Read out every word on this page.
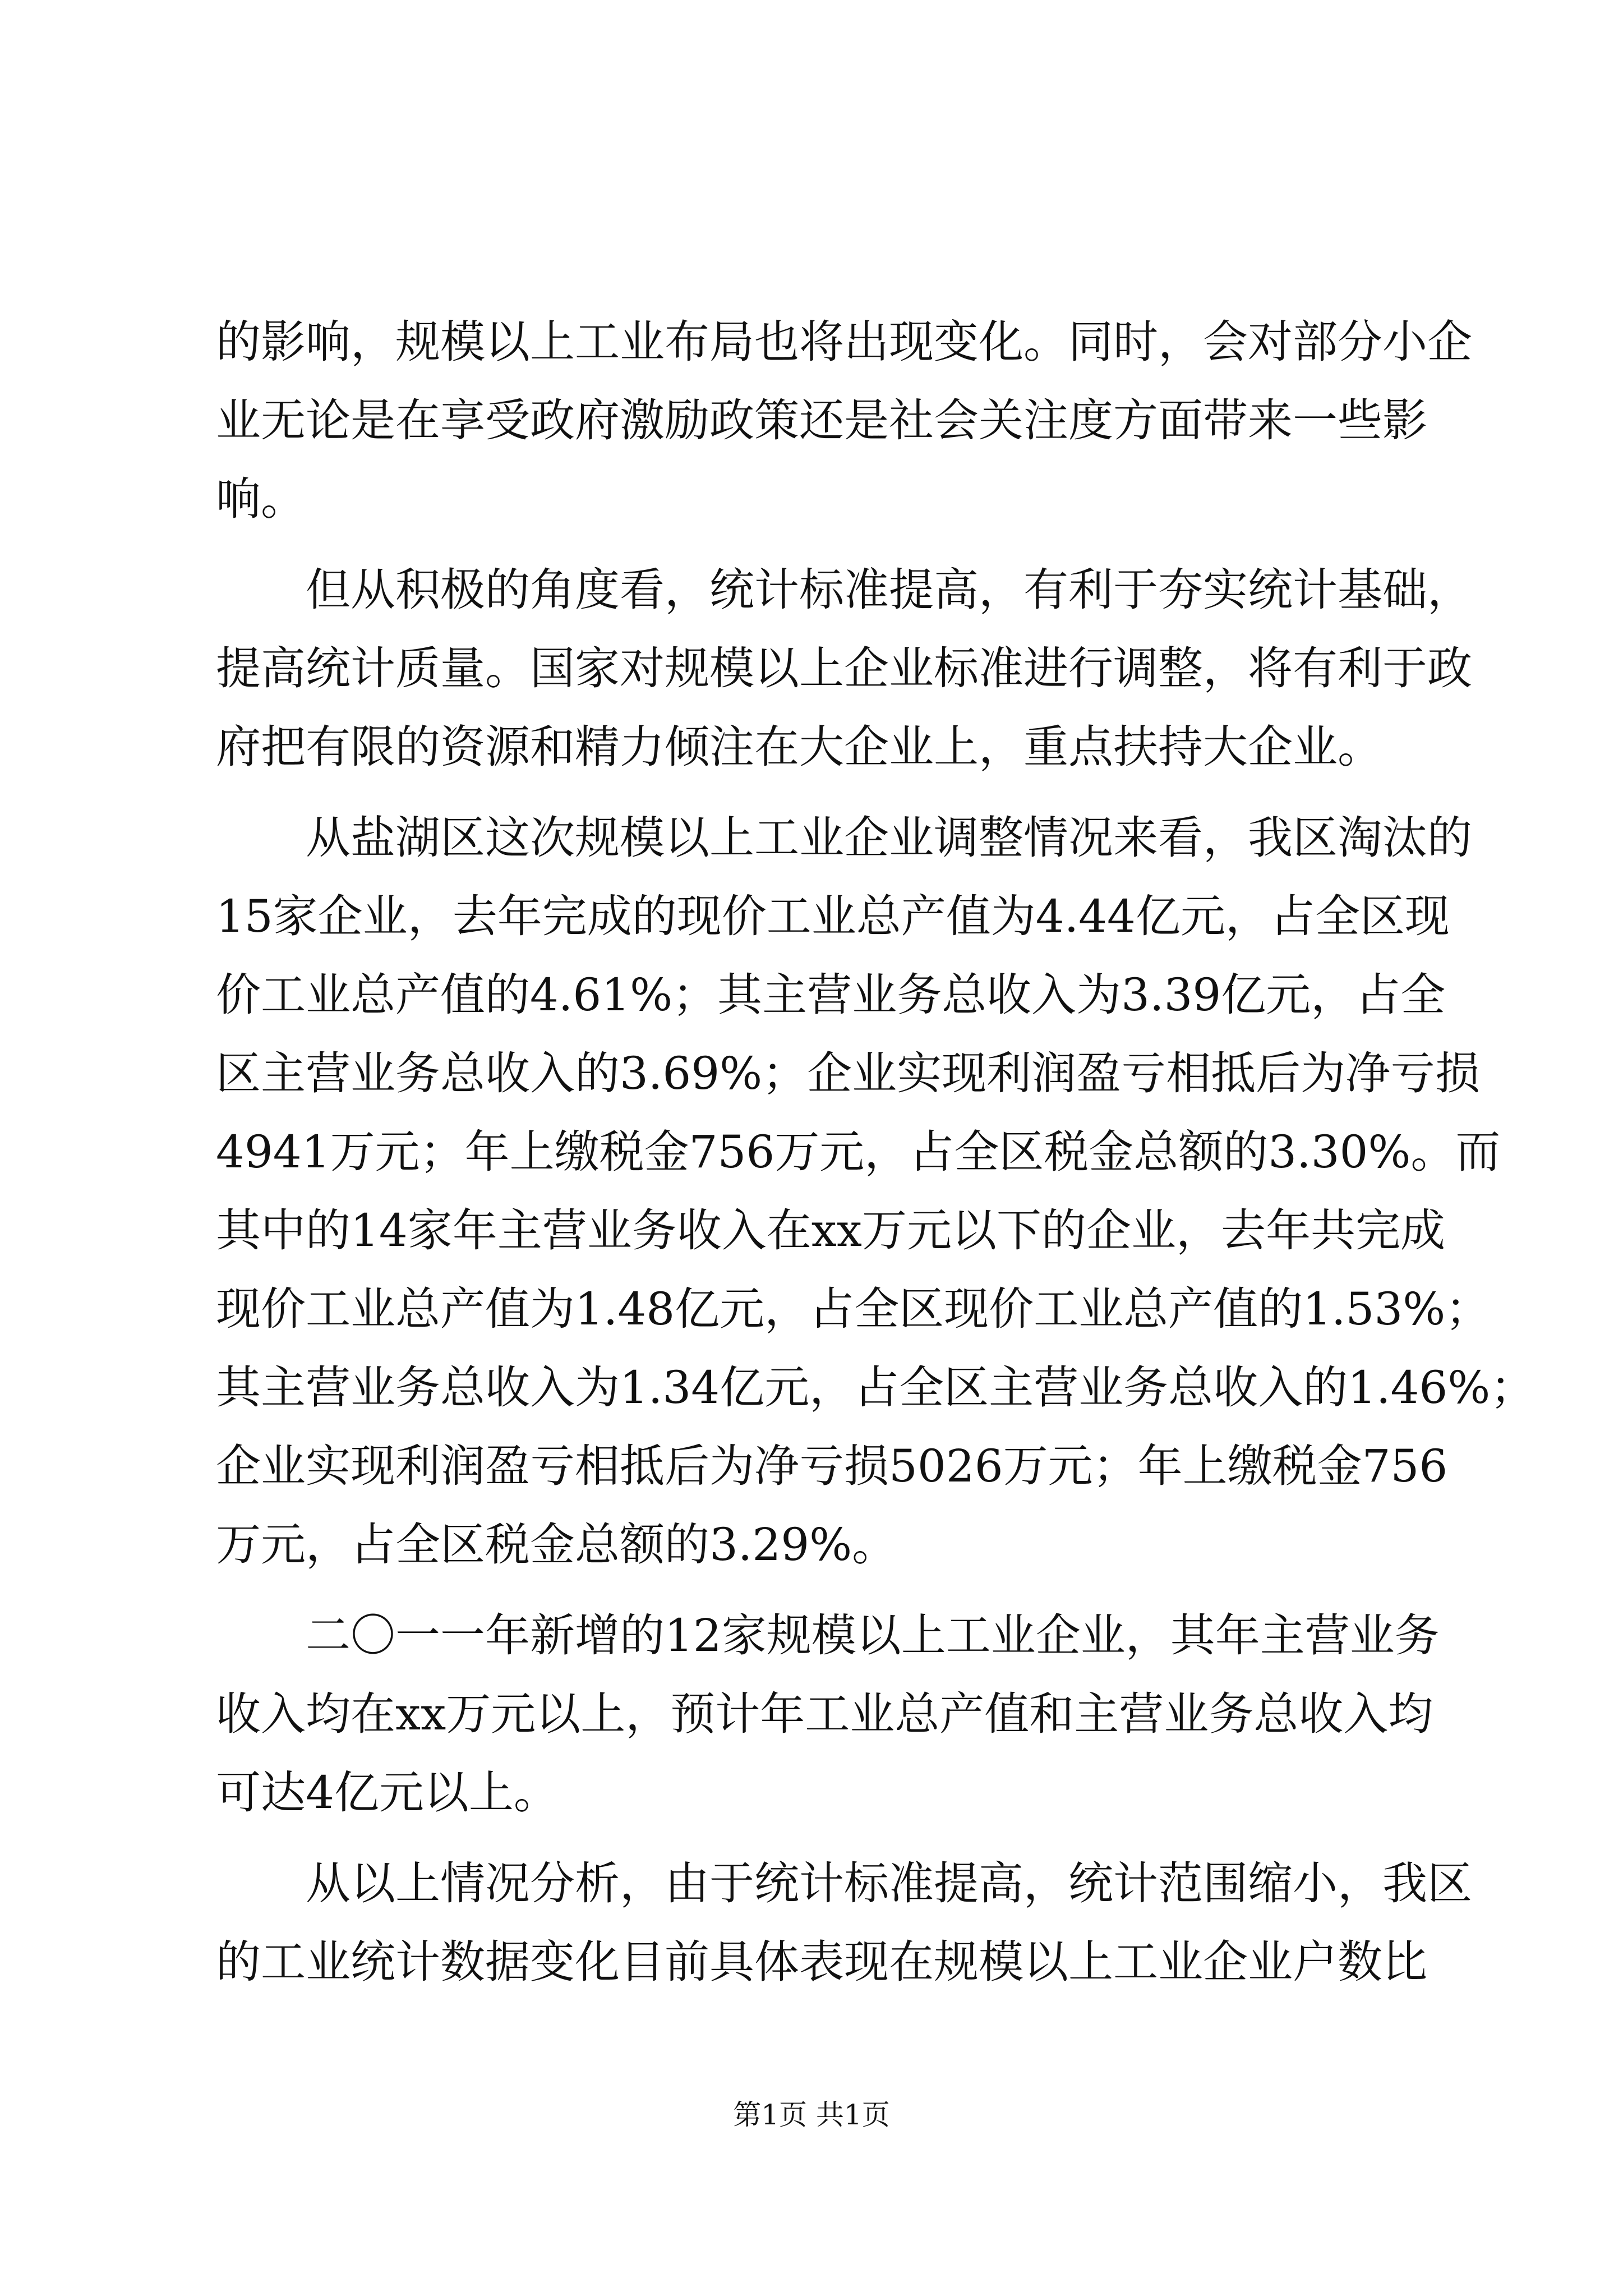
的影响，规模以上工业布局也将出现变化。同时，会对部分小企
业无论是在享受政府激励政策还是社会关注度方面带来一些影
响。
但从积极的角度看，统计标准提高，有利于夯实统计基础，
提高统计质量。国家对规模以上企业标准进行调整，将有利于政
府把有限的资源和精力倾注在大企业上，重点扶持大企业。
从盐湖区这次规模以上工业企业调整情况来看，我区淘汰的
15家企业，去年完成的现价工业总产值为4.44亿元，占全区现
价工业总产值的4.61%；其主营业务总收入为3.39亿元，占全
区主营业务总收入的3.69%；企业实现利润盈亏相抵后为净亏损
4941万元；年上缴税金756万元，占全区税金总额的3.30%。而
其中的14家年主营业务收入在xx万元以下的企业，去年共完成
现价工业总产值为1.48亿元，占全区现价工业总产值的1.53%；
其主营业务总收入为1.34亿元，占全区主营业务总收入的1.46%；
企业实现利润盈亏相抵后为净亏损5026万元；年上缴税金756
万元，占全区税金总额的3.29%。
二〇一一年新增的12家规模以上工业企业，其年主营业务
收入均在xx万元以上，预计年工业总产值和主营业务总收入均
可达4亿元以上。
从以上情况分析，由于统计标准提高，统计范围缩小，我区
的工业统计数据变化目前具体表现在规模以上工业企业户数比
第1页 共1页
